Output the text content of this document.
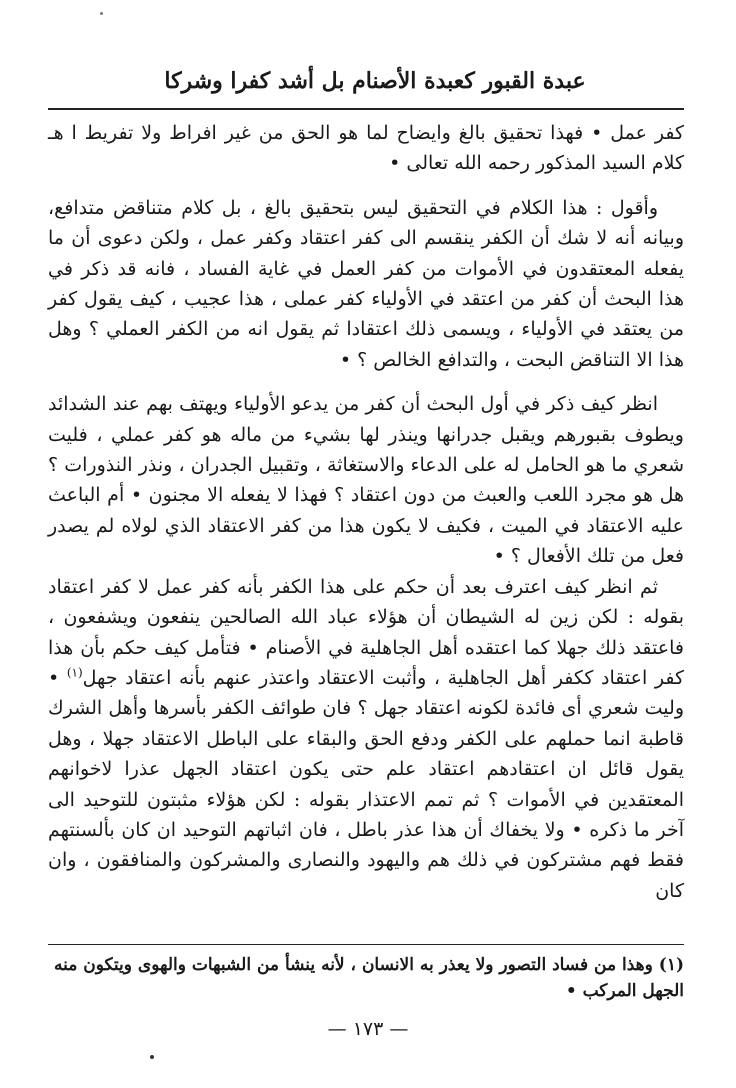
عبدة القبور كعبدة الأصنام بل أشد كفرا وشركا

كفر عمل • فهذا تحقيق بالغ وايضاح لما هو الحق من غير افراط ولا تفريط ا هـ كلام السيد المذكور رحمه الله تعالى •

وأقول : هذا الكلام في التحقيق ليس بتحقيق بالغ ، بل كلام متناقض متدافع، وبيانه أنه لا شك أن الكفر ينقسم الى كفر اعتقاد وكفر عمل ، ولكن دعوى أن ما يفعله المعتقدون في الأموات من كفر العمل في غاية الفساد ، فانه قد ذكر في هذا البحث أن كفر من اعتقد في الأولياء كفر عملى ، هذا عجيب ، كيف يقول كفر من يعتقد في الأولياء ، ويسمى ذلك اعتقادا ثم يقول انه من الكفر العملي ؟ وهل هذا الا التناقض البحت ، والتدافع الخالص ؟ •

انظر كيف ذكر في أول البحث أن كفر من يدعو الأولياء ويهتف بهم عند الشدائد ويطوف بقبورهم ويقبل جدرانها وينذر لها بشيء من ماله هو كفر عملي ، فليت شعري ما هو الحامل له على الدعاء والاستغاثة ، وتقبيل الجدران ، ونذر النذورات ؟ هل هو مجرد اللعب والعبث من دون اعتقاد ؟ فهذا لا يفعله الا مجنون • أم الباعث عليه الاعتقاد في الميت ، فكيف لا يكون هذا من كفر الاعتقاد الذي لولاه لم يصدر فعل من تلك الأفعال ؟ •

ثم انظر كيف اعترف بعد أن حكم على هذا الكفر بأنه كفر عمل لا كفر اعتقاد بقوله : لكن زين له الشيطان أن هؤلاء عباد الله الصالحين ينفعون ويشفعون ، فاعتقد ذلك جهلا كما اعتقده أهل الجاهلية في الأصنام • فتأمل كيف حكم بأن هذا كفر اعتقاد ككفر أهل الجاهلية ، وأثبت الاعتقاد واعتذر عنهم بأنه اعتقاد جهل$^{(١)}$ • وليت شعري أى فائدة لكونه اعتقاد جهل ؟ فان طوائف الكفر بأسرها وأهل الشرك قاطبة انما حملهم على الكفر ودفع الحق والبقاء على الباطل الاعتقاد جهلا ، وهل يقول قائل ان اعتقادهم اعتقاد علم حتى يكون اعتقاد الجهل عذرا لاخوانهم المعتقدين في الأموات ؟ ثم تمم الاعتذار بقوله : لكن هؤلاء مثبتون للتوحيد الى آخر ما ذكره • ولا يخفاك أن هذا عذر باطل ، فان اثباتهم التوحيد ان كان بألسنتهم فقط فهم مشتركون في ذلك هم واليهود والنصارى والمشركون والمنافقون ، وان كان

(١) وهذا من فساد التصور ولا يعذر به الانسان ، لأنه ينشأ من الشبهات والهوى ويتكون منه الجهل المركب •
— ١٧٣ —
